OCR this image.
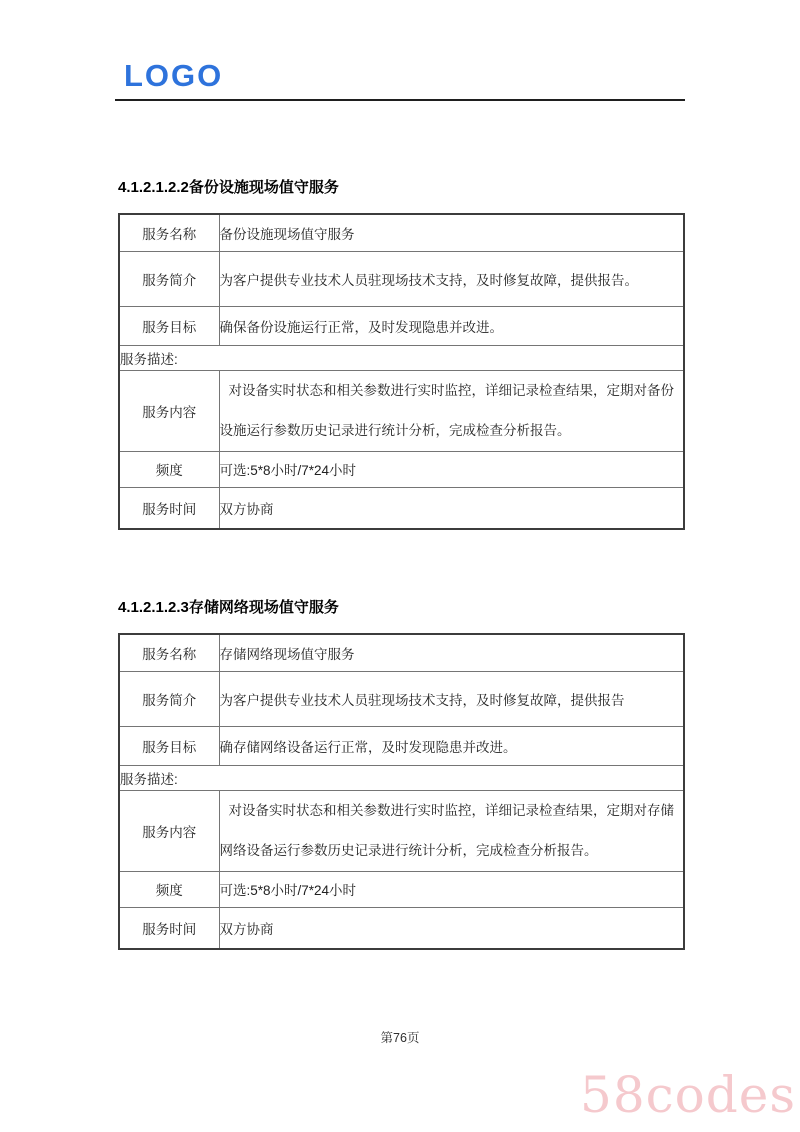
LOGO
4.1.2.1.2.2备份设施现场值守服务
服务名称	备份设施现场值守服务
服务简介	为客户提供专业技术人员驻现场技术支持，及时修复故障，提供报告。
服务目标	确保备份设施运行正常，及时发现隐患并改进。
服务描述:	
服务内容	对设备实时状态和相关参数进行实时监控，详细记录检查结果，定期对备份
设施运行参数历史记录进行统计分析，完成检查分析报告。

频度	可选:5*8小时/7*24小时
服务时间	双方协商
4.1.2.1.2.3存储网络现场值守服务
服务名称	存储网络现场值守服务
服务简介	为客户提供专业技术人员驻现场技术支持，及时修复故障，提供报告
服务目标	确存储网络设备运行正常，及时发现隐患并改进。
服务描述:	
服务内容	对设备实时状态和相关参数进行实时监控，详细记录检查结果，定期对存储
网络设备运行参数历史记录进行统计分析，完成检查分析报告。

频度	可选:5*8小时/7*24小时
服务时间	双方协商
第76页
58codes
